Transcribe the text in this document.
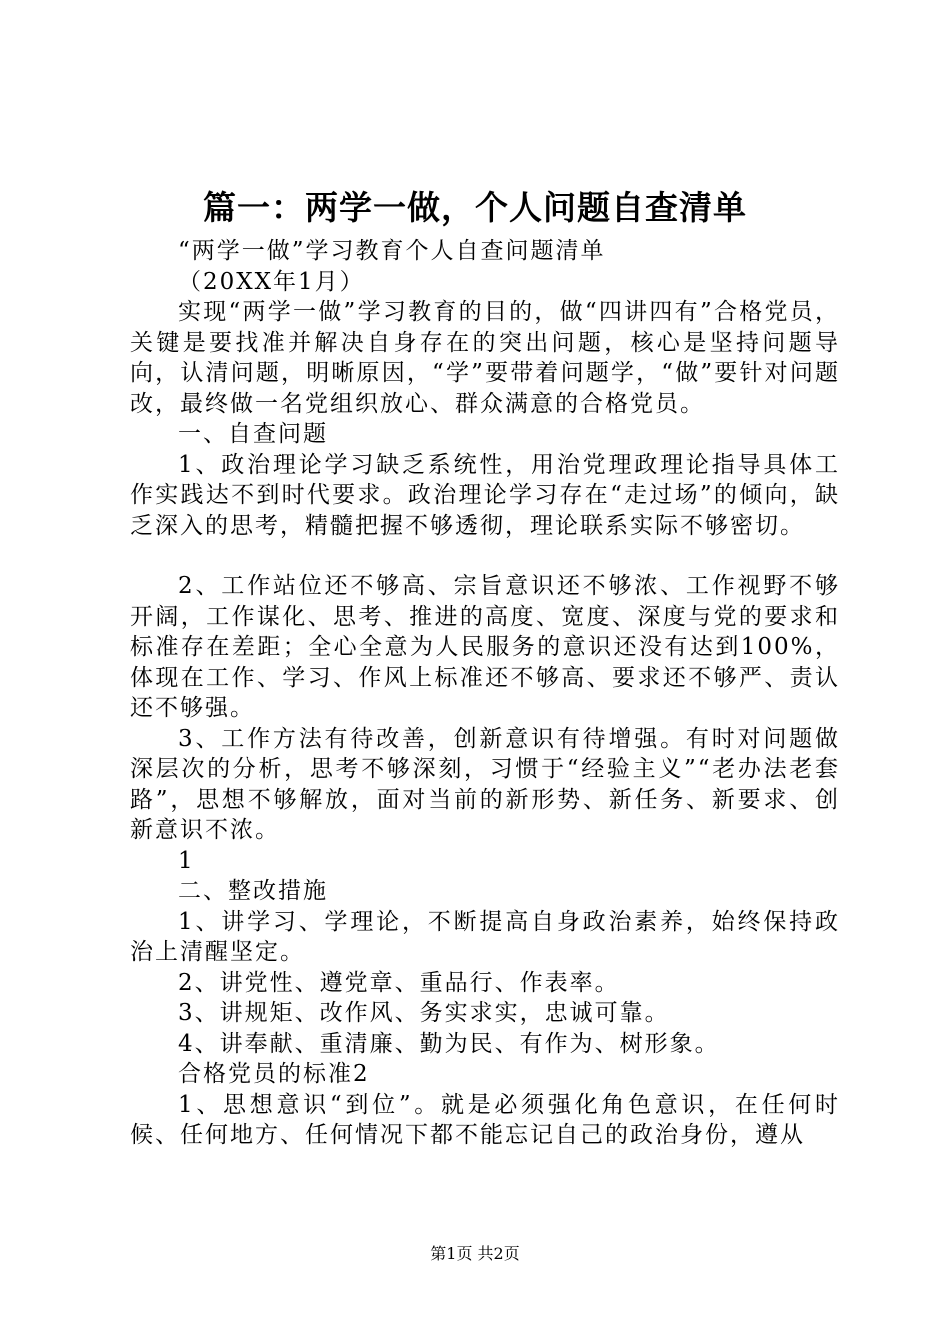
篇一：两学一做，个人问题自查清单

“两学一做”学习教育个人自查问题清单

（20XX年1月）

实现“两学一做”学习教育的目的，做“四讲四有”合格党员，关键是要找准并解决自身存在的突出问题，核心是坚持问题导向，认清问题，明晰原因，“学”要带着问题学，“做”要针对问题改，最终做一名党组织放心、群众满意的合格党员。

一、自查问题

1、政治理论学习缺乏系统性，用治党理政理论指导具体工作实践达不到时代要求。政治理论学习存在“走过场”的倾向，缺乏深入的思考，精髓把握不够透彻，理论联系实际不够密切。

2、工作站位还不够高、宗旨意识还不够浓、工作视野不够开阔，工作谋化、思考、推进的高度、宽度、深度与党的要求和标准存在差距；全心全意为人民服务的意识还没有达到100%，体现在工作、学习、作风上标准还不够高、要求还不够严、责认还不够强。

3、工作方法有待改善，创新意识有待增强。有时对问题做深层次的分析，思考不够深刻，习惯于“经验主义”“老办法老套路”，思想不够解放，面对当前的新形势、新任务、新要求、创新意识不浓。

1

二、整改措施

1、讲学习、学理论，不断提高自身政治素养，始终保持政治上清醒坚定。

2、讲党性、遵党章、重品行、作表率。

3、讲规矩、改作风、务实求实，忠诚可靠。

4、讲奉献、重清廉、勤为民、有作为、树形象。

合格党员的标准2

1、思想意识“到位”。就是必须强化角色意识，在任何时候、任何地方、任何情况下都不能忘记自己的政治身份，遵从

第1页 共2页
